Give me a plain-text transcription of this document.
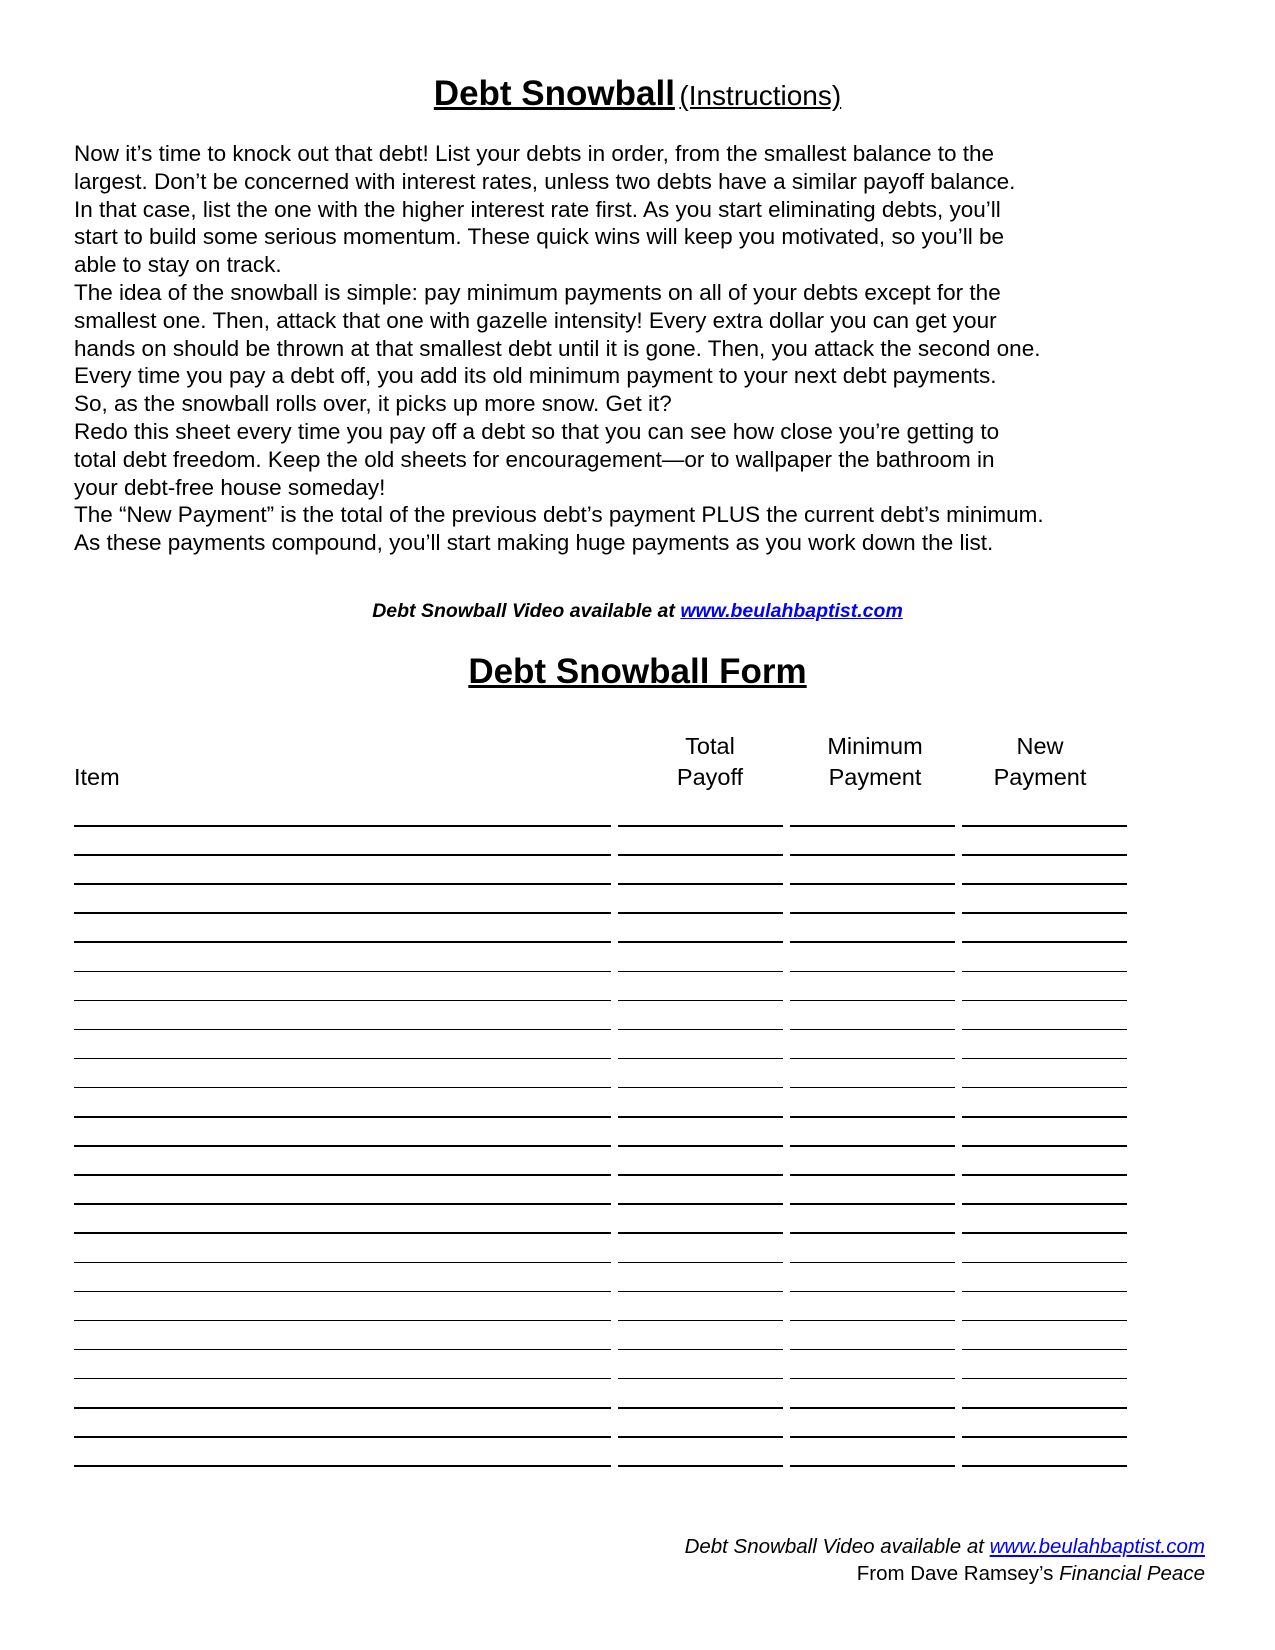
Debt Snowball (Instructions)

Now it’s time to knock out that debt! List your debts in order, from the smallest balance to the

largest. Don’t be concerned with interest rates, unless two debts have a similar payoff balance.

In that case, list the one with the higher interest rate first. As you start eliminating debts, you’ll

start to build some serious momentum. These quick wins will keep you motivated, so you’ll be

able to stay on track.

The idea of the snowball is simple: pay minimum payments on all of your debts except for the

smallest one. Then, attack that one with gazelle intensity! Every extra dollar you can get your

hands on should be thrown at that smallest debt until it is gone. Then, you attack the second one.

Every time you pay a debt off, you add its old minimum payment to your next debt payments.

So, as the snowball rolls over, it picks up more snow. Get it?

Redo this sheet every time you pay off a debt so that you can see how close you’re getting to

total debt freedom. Keep the old sheets for encouragement—or to wallpaper the bathroom in

your debt-free house someday!

The “New Payment” is the total of the previous debt’s payment PLUS the current debt’s minimum.

As these payments compound, you’ll start making huge payments as you work down the list.

Debt Snowball Video available at www.beulahbaptist.com
Debt Snowball Form
Item
Total
Payoff
Minimum
Payment
New
Payment
Debt Snowball Video available at www.beulahbaptist.com
From Dave Ramsey’s Financial Peace
